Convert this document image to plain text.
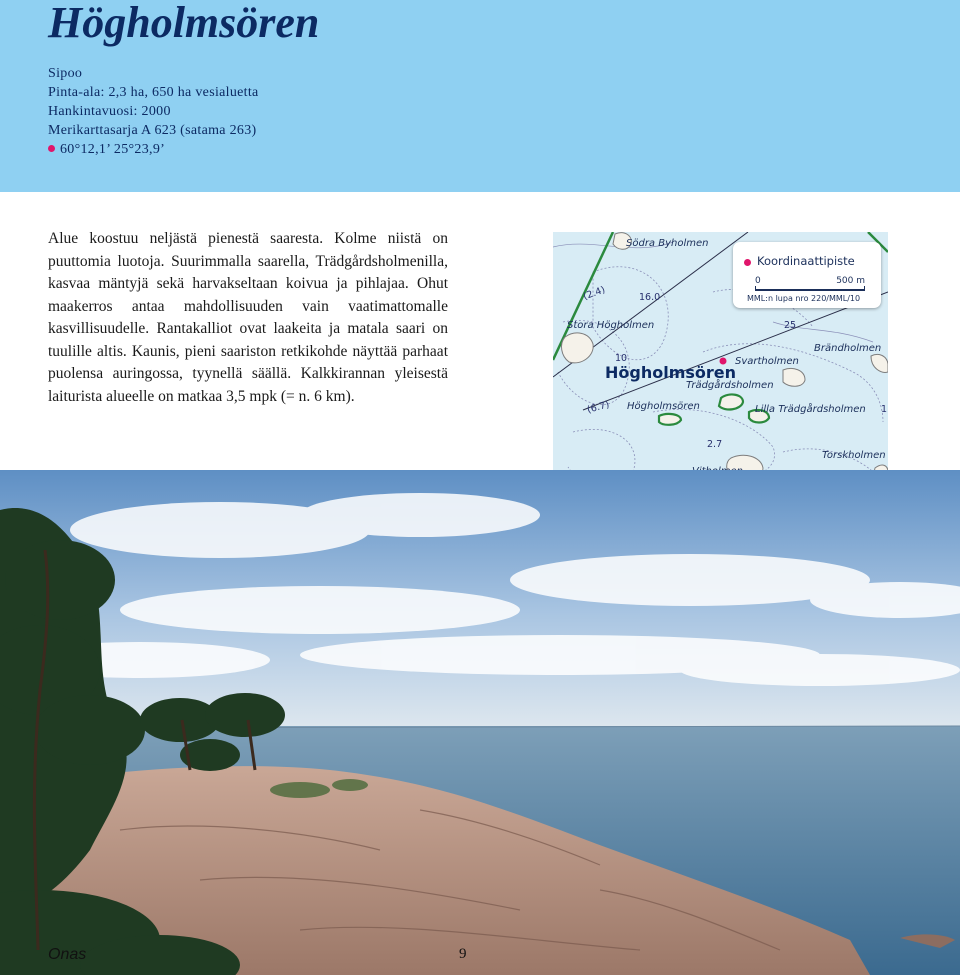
Högholmsören
Sipoo
Pinta-ala: 2,3 ha, 650 ha vesialuetta
Hankintavuosi: 2000
Merikarttasarja A 623 (satama 263)
60°12,1’ 25°23,9’
Alue koostuu neljästä pienestä saaresta. Kolme niistä on puuttomia luotoja. Suurimmalla saarella, Trädgårdsholmenilla, kasvaa mäntyjä sekä harvakseltaan koivua ja pihlajaa. Ohut maakerros antaa mahdollisuuden vain vaatimattomalle kasvillisuudelle. Rantakalliot ovat laakeita ja matala saari on tuulille altis. Kaunis, pieni saariston retkikohde näyttää parhaat puolensa auringossa, tyynellä säällä. Kalkkirannan yleisestä laiturista alueelle on matkaa 3,5 mpk (= n. 6 km).
Koordinaattipiste
0	500 m
MML:n lupa nro 220/MML/10
Södra Byholmen
Stora Högholmen
Svartholmen
Brändholmen
Trädgårdsholmen
Högholmsören	Lilla Trädgårdsholmen
Torskholmen
Högholmsören
(2.4)	16.0
25
10
(6.7)
2.7
1
Onas	9
